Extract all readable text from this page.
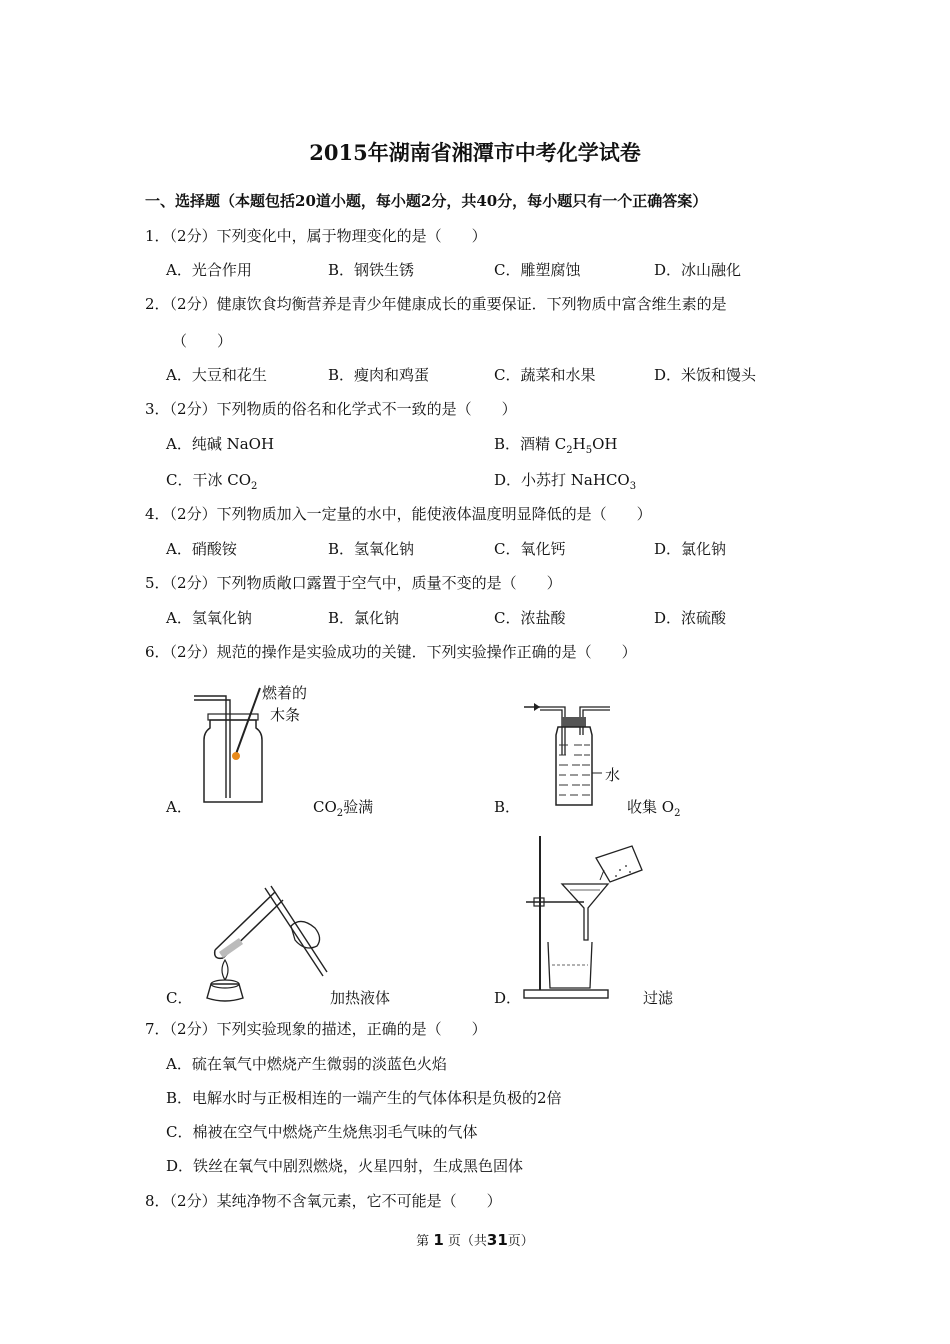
2015年湖南省湘潭市中考化学试卷
一、选择题（本题包括20道小题，每小题2分，共40分，每小题只有一个正确答案）
1．（2分）下列变化中，属于物理变化的是（　　）
A．光合作用	B．钢铁生锈	C．雕塑腐蚀	D．冰山融化
2．（2分）健康饮食均衡营养是青少年健康成长的重要保证．下列物质中富含维生素的是
（　　）
A．大豆和花生	B．瘦肉和鸡蛋	C．蔬菜和水果	D．米饭和馒头
3．（2分）下列物质的俗名和化学式不一致的是（　　）
A．纯碱 NaOH	B．酒精 $C_2H_5OH$
C．干冰 $CO_2$	D．小苏打 NaHCO$_3$
4．（2分）下列物质加入一定量的水中，能使液体温度明显降低的是（　　）
A．硝酸铵	B．氢氧化钠	C．氧化钙	D．氯化钠
5．（2分）下列物质敞口露置于空气中，质量不变的是（　　）
A．氢氧化钠	B．氯化钠	C．浓盐酸	D．浓硫酸
6．（2分）规范的操作是实验成功的关键．下列实验操作正确的是（　　）
燃着的
木条
A．	$CO_2$验满
水
B．	收集 $O_2$
C．	加热液体	D．	过滤
7．（2分）下列实验现象的描述，正确的是（　　）
A．硫在氧气中燃烧产生微弱的淡蓝色火焰
B．电解水时与正极相连的一端产生的气体体积是负极的2倍
C．棉被在空气中燃烧产生烧焦羽毛气味的气体
D．铁丝在氧气中剧烈燃烧，火星四射，生成黑色固体
8．（2分）某纯净物不含氧元素，它不可能是（　　）
第 1 页（共31页）
